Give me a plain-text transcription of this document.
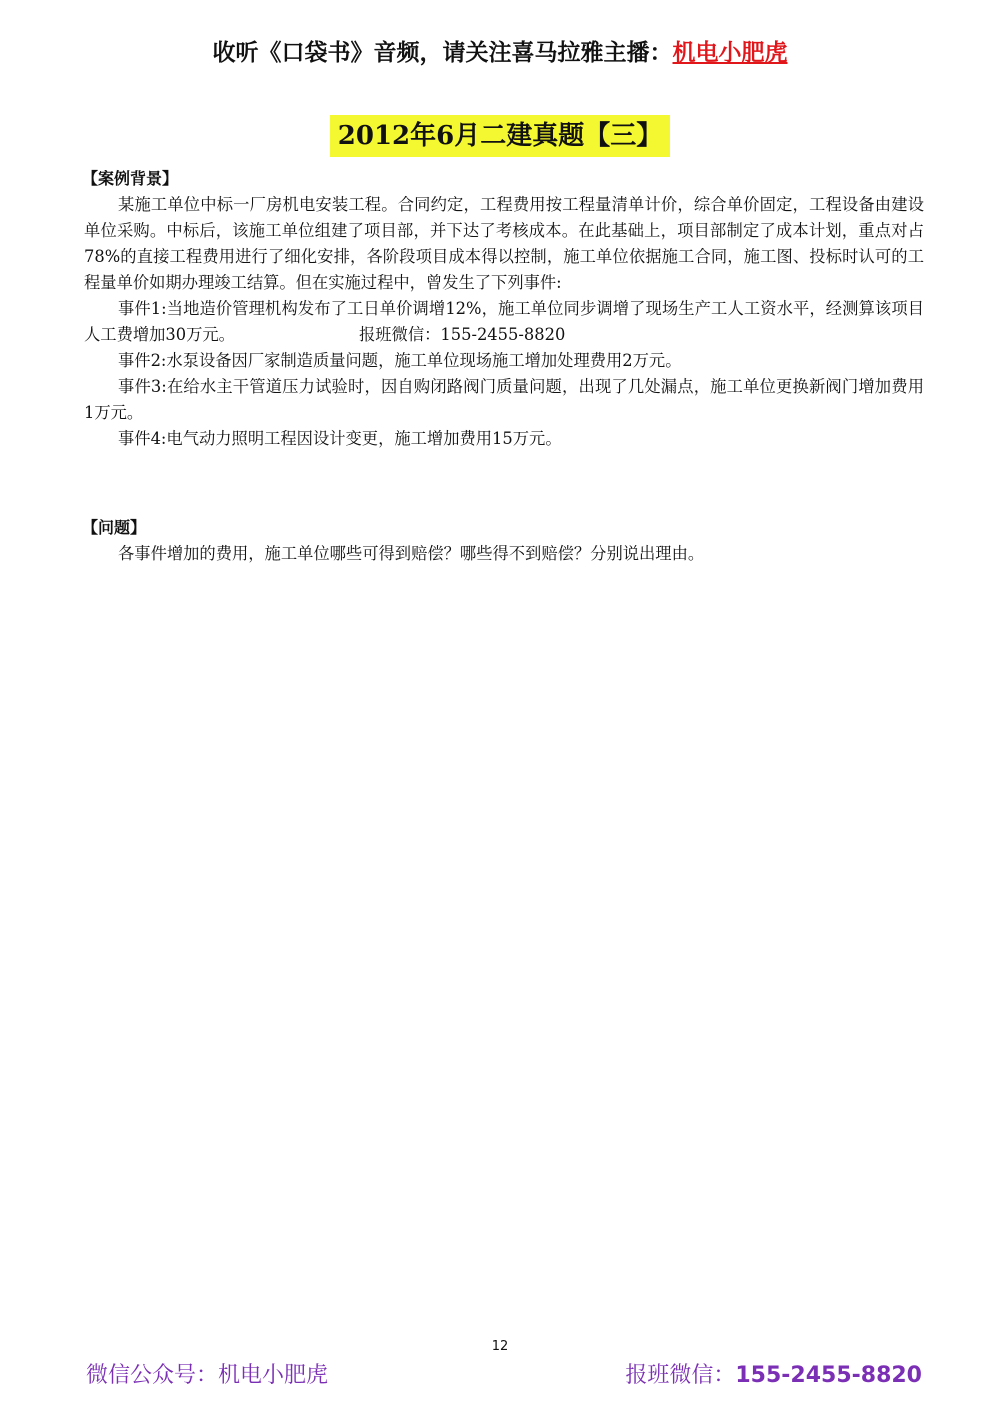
收听《口袋书》音频，请关注喜马拉雅主播：机电小肥虎
2012年6月二建真题【三】
【案例背景】

某施工单位中标一厂房机电安装工程。合同约定，工程费用按工程量清单计价，综合单价固定，工程设备由建设单位采购。中标后，该施工单位组建了项目部，并下达了考核成本。在此基础上，项目部制定了成本计划，重点对占78%的直接工程费用进行了细化安排，各阶段项目成本得以控制，施工单位依据施工合同，施工图、投标时认可的工程量单价如期办理竣工结算。但在实施过程中，曾发生了下列事件:

事件1:当地造价管理机构发布了工日单价调增12%，施工单位同步调增了现场生产工人工资水平，经测算该项目人工费增加30万元。	报班微信：155-2455-8820

事件2:水泵设备因厂家制造质量问题，施工单位现场施工增加处理费用2万元。

事件3:在给水主干管道压力试验时，因自购闭路阀门质量问题，出现了几处漏点，施工单位更换新阀门增加费用1万元。

事件4:电气动力照明工程因设计变更，施工增加费用15万元。

【问题】

各事件增加的费用，施工单位哪些可得到赔偿？哪些得不到赔偿？分别说出理由。

12
微信公众号：机电小肥虎	报班微信：155-2455-8820
